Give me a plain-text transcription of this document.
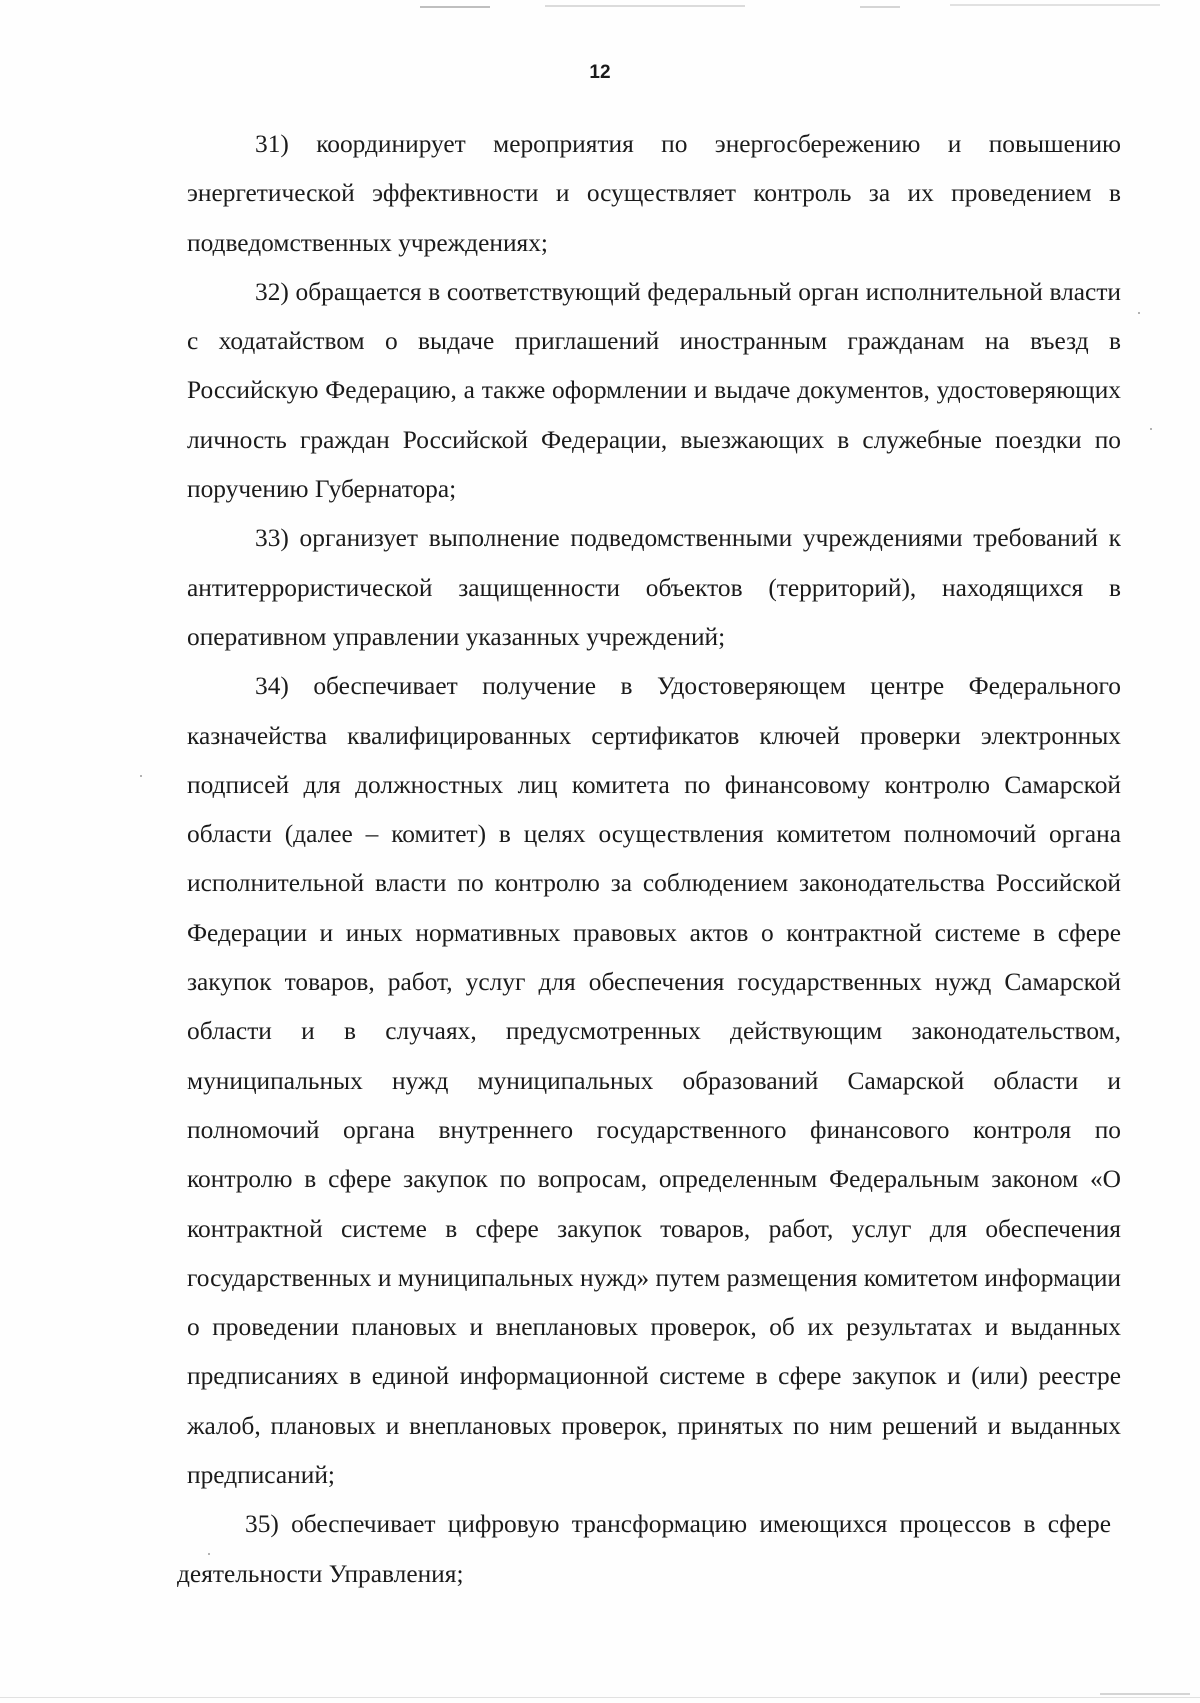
12

31) координирует мероприятия по энергосбережению и повышению энергетической эффективности и осуществляет контроль за их проведением в подведомственных учреждениях;

32) обращается в соответствующий федеральный орган исполнительной власти с ходатайством о выдаче приглашений иностранным гражданам на въезд в Российскую Федерацию, а также оформлении и выдаче документов, удостоверяющих личность граждан Российской Федерации, выезжающих в служебные поездки по поручению Губернатора;

33) организует выполнение подведомственными учреждениями требований к антитеррористической защищенности объектов (территорий), находящихся в оперативном управлении указанных учреждений;

34) обеспечивает получение в Удостоверяющем центре Федерального казначейства квалифицированных сертификатов ключей проверки электронных подписей для должностных лиц комитета по финансовому контролю Самарской области (далее – комитет) в целях осуществления комитетом полномочий органа исполнительной власти по контролю за соблюдением законодательства Российской Федерации и иных нормативных правовых актов о контрактной системе в сфере закупок товаров, работ, услуг для обеспечения государственных нужд Самарской области и в случаях, предусмотренных действующим законодательством, муниципальных нужд муниципальных образований Самарской области и полномочий органа внутреннего государственного финансового контроля по контролю в сфере закупок по вопросам, определенным Федеральным законом «О контрактной системе в сфере закупок товаров, работ, услуг для обеспечения государственных и муниципальных нужд» путем размещения комитетом информации о проведении плановых и внеплановых проверок, об их результатах и выданных предписаниях в единой информационной системе в сфере закупок и (или) реестре жалоб, плановых и внеплановых проверок, принятых по ним решений и выданных предписаний;

35) обеспечивает цифровую трансформацию имеющихся процессов в сфере деятельности Управления;
